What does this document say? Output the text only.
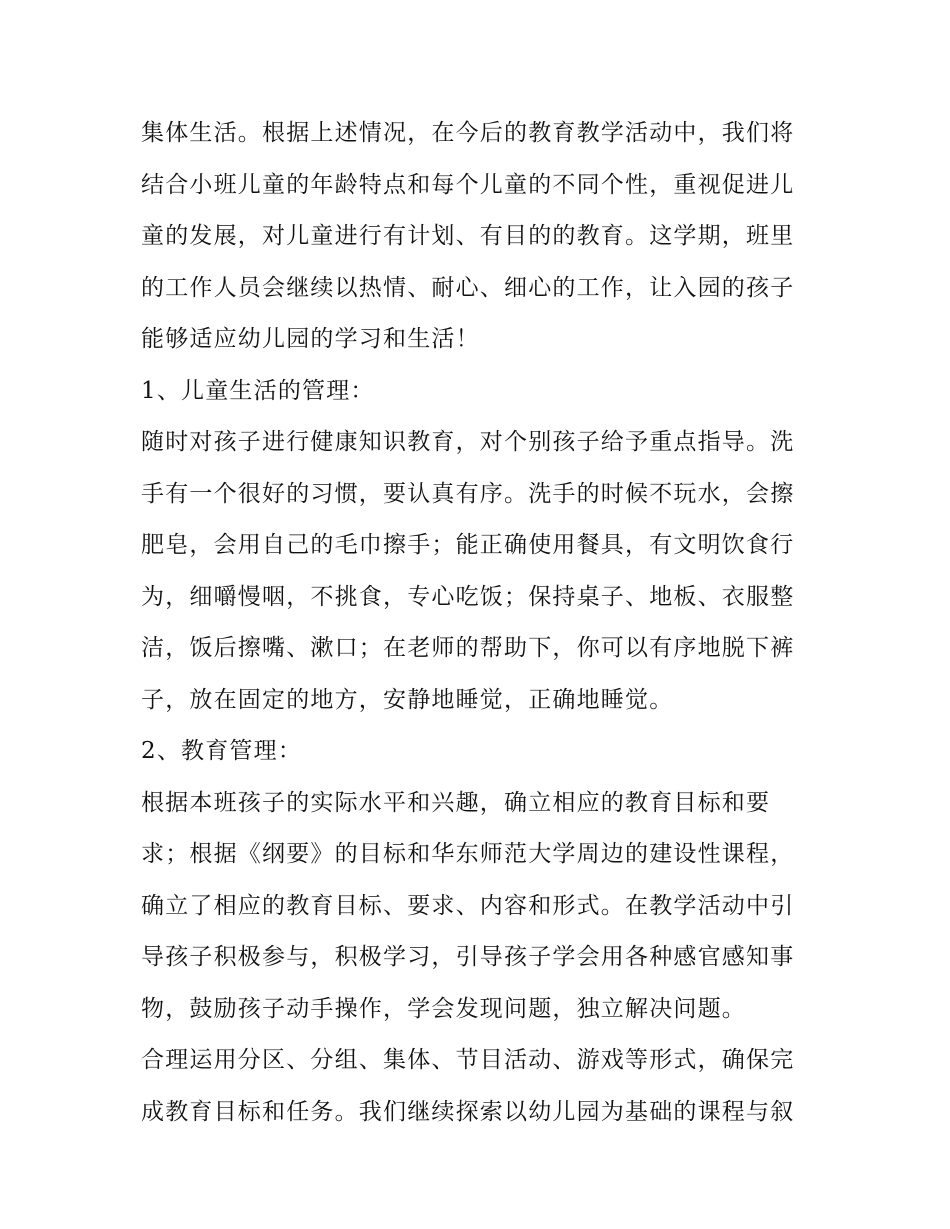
集体生活。根据上述情况，在今后的教育教学活动中，我们将
结合小班儿童的年龄特点和每个儿童的不同个性，重视促进儿
童的发展，对儿童进行有计划、有目的的教育。这学期，班里
的工作人员会继续以热情、耐心、细心的工作，让入园的孩子
能够适应幼儿园的学习和生活！
1、儿童生活的管理：
随时对孩子进行健康知识教育，对个别孩子给予重点指导。洗
手有一个很好的习惯，要认真有序。洗手的时候不玩水，会擦
肥皂，会用自己的毛巾擦手；能正确使用餐具，有文明饮食行
为，细嚼慢咽，不挑食，专心吃饭；保持桌子、地板、衣服整
洁，饭后擦嘴、漱口；在老师的帮助下，你可以有序地脱下裤
子，放在固定的地方，安静地睡觉，正确地睡觉。
2、教育管理：
根据本班孩子的实际水平和兴趣，确立相应的教育目标和要
求；根据《纲要》的目标和华东师范大学周边的建设性课程，
确立了相应的教育目标、要求、内容和形式。在教学活动中引
导孩子积极参与，积极学习，引导孩子学会用各种感官感知事
物，鼓励孩子动手操作，学会发现问题，独立解决问题。
合理运用分区、分组、集体、节目活动、游戏等形式，确保完
成教育目标和任务。我们继续探索以幼儿园为基础的课程与叙
